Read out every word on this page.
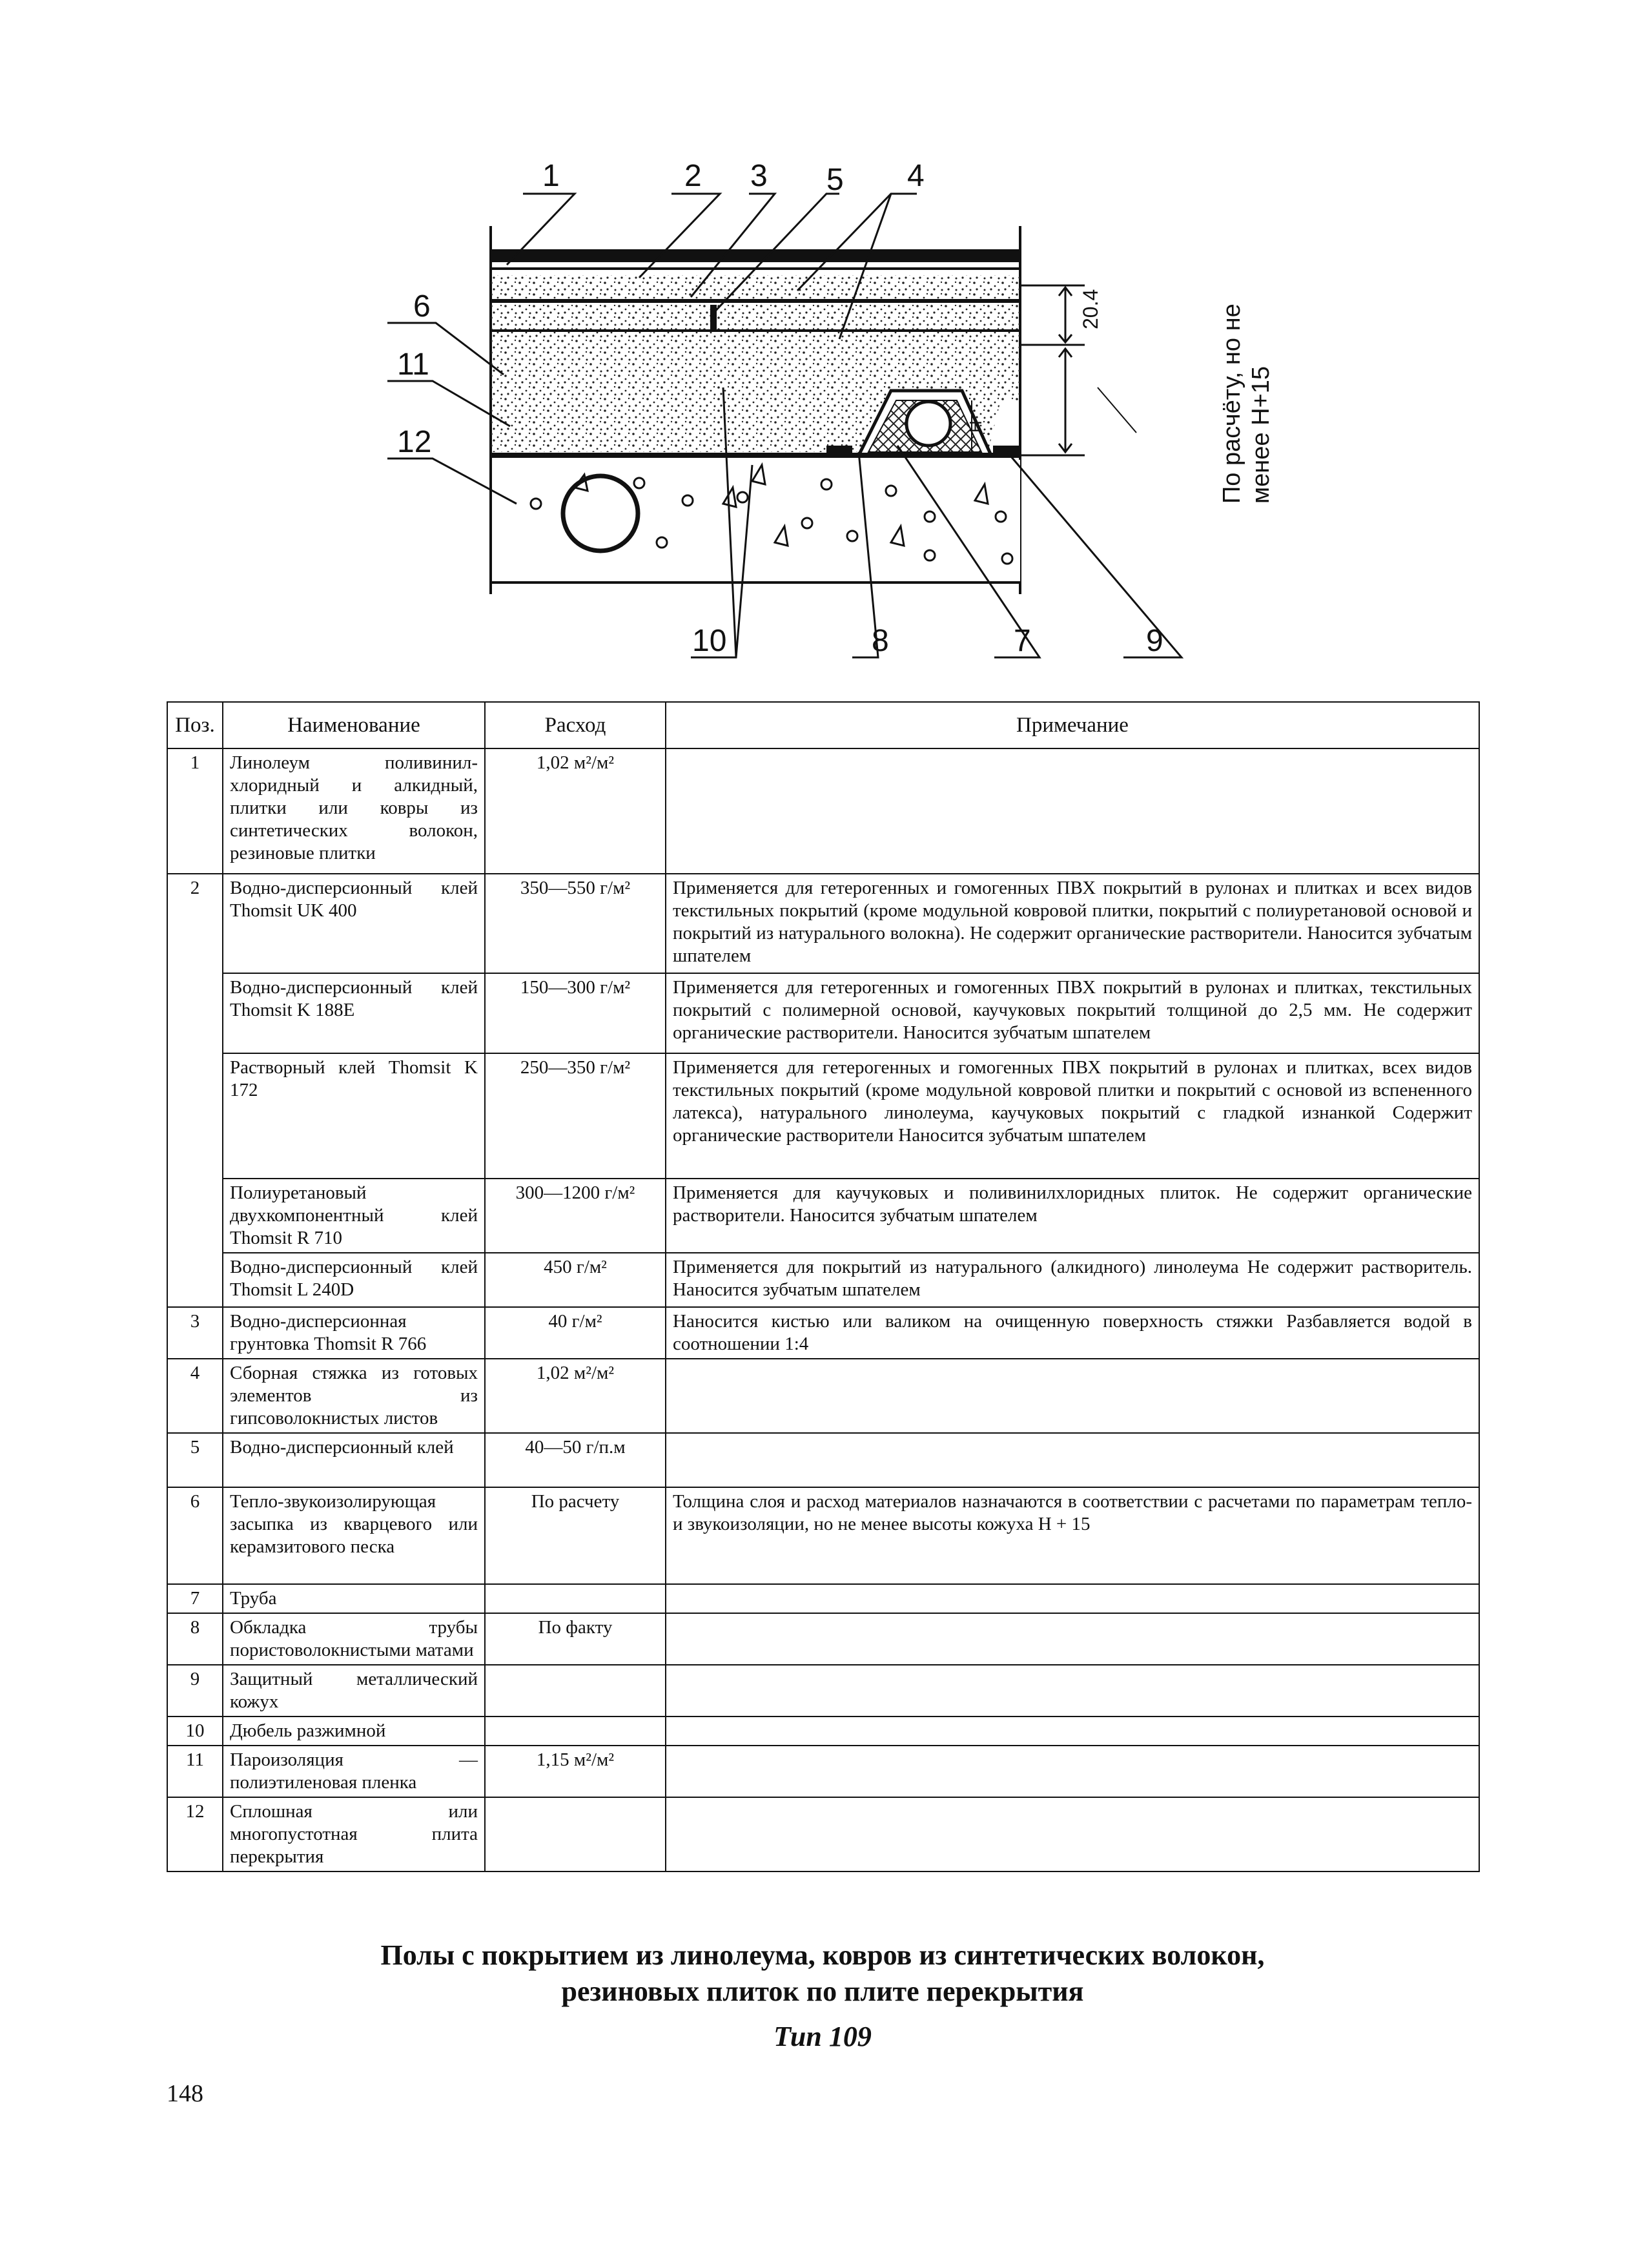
H
20.4	По расчёту, но не менее H+15
1	2 3 5 4
6
11
12
10	8	7	9
Поз.	Наименование	Расход	Примечание
1	Линолеум поливинил-хлоридный и алкидный, плитки или ковры из синтетических волокон, резиновые плитки	1,02 м²/м²	
2	Водно-дисперсионный клей Thomsit UK 400	350—550 г/м²	Применяется для гетерогенных и гомогенных ПВХ покрытий в рулонах и плитках и всех видов текстильных покрытий (кроме модульной ковровой плитки, покрытий с полиуретановой основой и покрытий из натурального волокна). Не содержит органические растворители. Наносится зубчатым шпателем
	Водно-дисперсионный клей Thomsit K 188E	150—300 г/м²	Применяется для гетерогенных и гомогенных ПВХ покрытий в рулонах и плитках, текстильных покрытий с полимерной основой, каучуковых покрытий толщиной до 2,5 мм. Не содержит органические растворители. Наносится зубчатым шпателем
	Растворный клей Thomsit K 172	250—350 г/м²	Применяется для гетерогенных и гомогенных ПВХ покрытий в рулонах и плитках, всех видов текстильных покрытий (кроме модульной ковровой плитки и покрытий с основой из вспененного латекса), натурального линолеума, каучуковых покрытий с гладкой изнанкой Содержит органические растворители Наносится зубчатым шпателем
	Полиуретановый двухкомпонентный клей Thomsit R 710	300—1200 г/м²	Применяется для каучуковых и поливинилхлоридных плиток. Не содержит органические растворители. Наносится зубчатым шпателем
	Водно-дисперсионный клей Thomsit L 240D	450 г/м²	Применяется для покрытий из натурального (алкидного) линолеума Не содержит растворитель. Наносится зубчатым шпателем
3	Водно-дисперсионная грунтовка Thomsit R 766	40 г/м²	Наносится кистью или валиком на очищенную поверхность стяжки Разбавляется водой в соотношении 1:4
4	Сборная стяжка из готовых элементов из гипсоволокнистых листов	1,02 м²/м²	
5	Водно-дисперсионный клей	40—50 г/п.м	
6	Тепло-звукоизолирующая засыпка из кварцевого или керамзитового песка	По расчету	Толщина слоя и расход материалов назначаются в соответствии с расчетами по параметрам тепло- и звукоизоляции, но не менее высоты кожуха H + 15
7	Труба		
8	Обкладка трубы пористоволокнистыми матами	По факту	
9	Защитный металлический кожух		
10	Дюбель разжимной		
11	Пароизоляция — полиэтиленовая пленка	1,15 м²/м²	
12	Сплошная или многопустотная плита перекрытия		
Полы с покрытием из линолеума, ковров из синтетических волокон,
резиновых плиток по плите перекрытия
Тип 109
148
